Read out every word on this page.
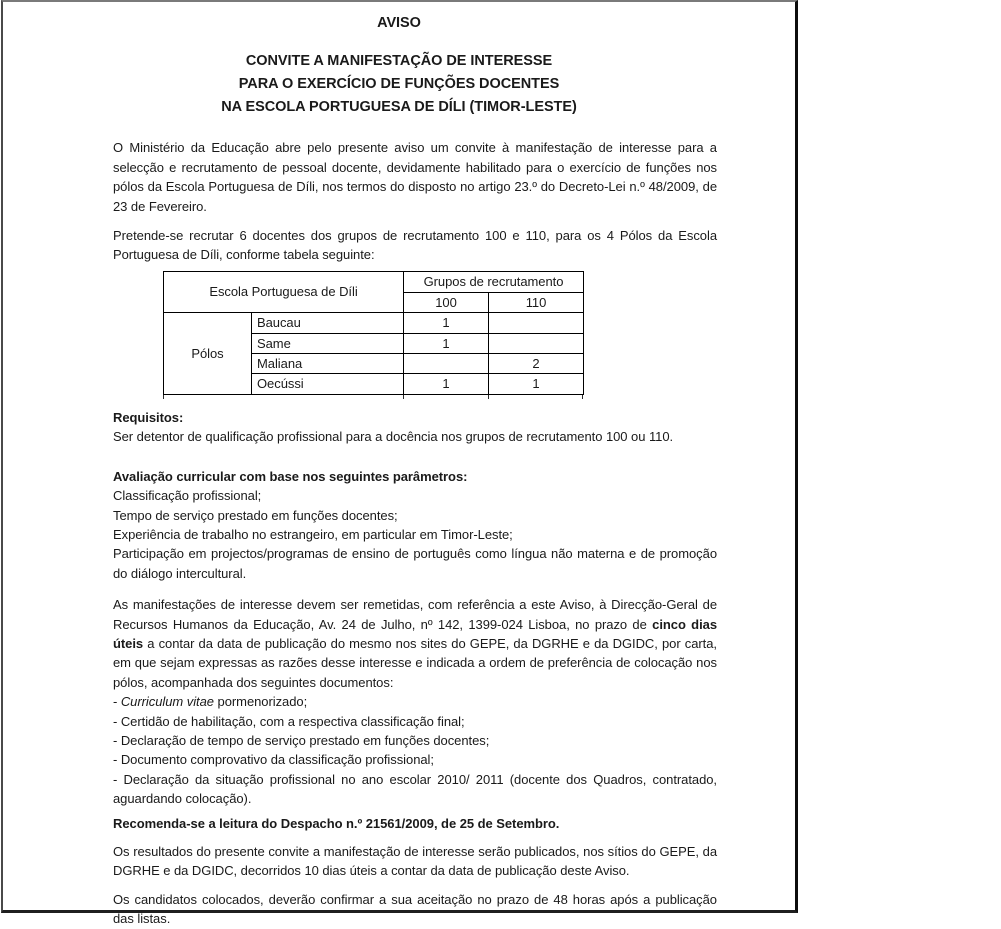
AVISO
CONVITE A MANIFESTAÇÃO DE INTERESSE
PARA O EXERCÍCIO DE FUNÇÕES DOCENTES
NA ESCOLA PORTUGUESA DE DÍLI (TIMOR-LESTE)

O Ministério da Educação abre pelo presente aviso um convite à manifestação de interesse para a selecção e recrutamento de pessoal docente, devidamente habilitado para o exercício de funções nos pólos da Escola Portuguesa de Díli, nos termos do disposto no artigo 23.º do Decreto-Lei n.º 48/2009, de 23 de Fevereiro.

Pretende-se recrutar 6 docentes dos grupos de recrutamento 100 e 110, para os 4 Pólos da Escola Portuguesa de Díli, conforme tabela seguinte:

Escola Portuguesa de Díli		Grupos de recrutamento	
		100	110
Pólos	Baucau	1	
	Same	1	
	Maliana		2
	Oecússi	1	1

Requisitos:

Ser detentor de qualificação profissional para a docência nos grupos de recrutamento 100 ou 110.

Avaliação curricular com base nos seguintes parâmetros:

Classificação profissional;

Tempo de serviço prestado em funções docentes;

Experiência de trabalho no estrangeiro, em particular em Timor-Leste;

Participação em projectos/programas de ensino de português como língua não materna e de promoção do diálogo intercultural.

As manifestações de interesse devem ser remetidas, com referência a este Aviso, à Direcção-Geral de Recursos Humanos da Educação, Av. 24 de Julho, nº 142, 1399-024 Lisboa, no prazo de cinco dias úteis a contar da data de publicação do mesmo nos sites do GEPE, da DGRHE e da DGIDC, por carta, em que sejam expressas as razões desse interesse e indicada a ordem de preferência de colocação nos pólos, acompanhada dos seguintes documentos:

- Curriculum vitae pormenorizado;

- Certidão de habilitação, com a respectiva classificação final;

- Declaração de tempo de serviço prestado em funções docentes;

- Documento comprovativo da classificação profissional;

- Declaração da situação profissional no ano escolar 2010/ 2011 (docente dos Quadros, contratado, aguardando colocação).

Recomenda-se a leitura do Despacho n.º 21561/2009, de 25 de Setembro.

Os resultados do presente convite a manifestação de interesse serão publicados, nos sítios do GEPE, da DGRHE e da DGIDC, decorridos 10 dias úteis a contar da data de publicação deste Aviso.

Os candidatos colocados, deverão confirmar a sua aceitação no prazo de 48 horas após a publicação das listas.
